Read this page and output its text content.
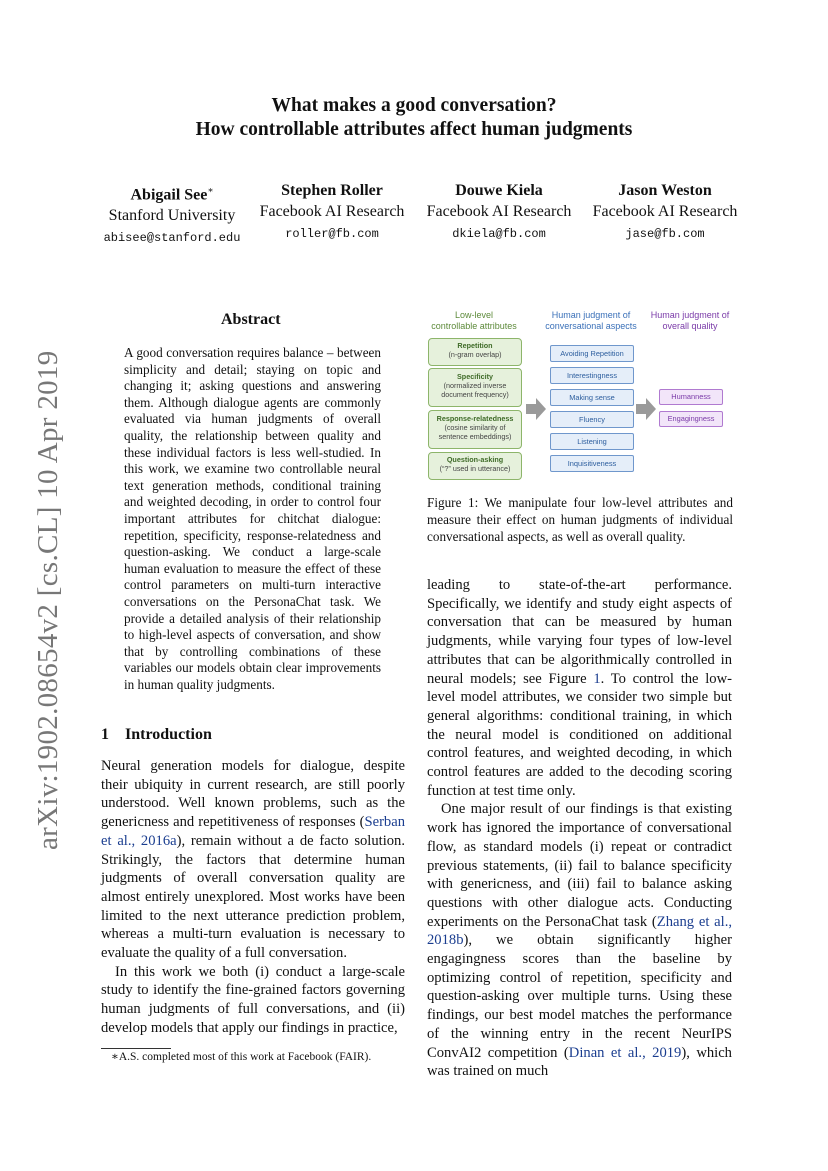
arXiv:1902.08654v2 [cs.CL] 10 Apr 2019
What makes a good conversation?
How controllable attributes affect human judgments
Abigail See∗
Stanford University
abisee@stanford.edu
Stephen Roller
Facebook AI Research
roller@fb.com
Douwe Kiela
Facebook AI Research
dkiela@fb.com
Jason Weston
Facebook AI Research
jase@fb.com
Abstract
A good conversation requires balance – between simplicity and detail; staying on topic and changing it; asking questions and answering them. Although dialogue agents are commonly evaluated via human judgments of overall quality, the relationship between quality and these individual factors is less well-studied. In this work, we examine two controllable neural text generation methods, conditional training and weighted decoding, in order to control four important attributes for chitchat dialogue: repetition, specificity, response-relatedness and question-asking. We conduct a large-scale human evaluation to measure the effect of these control parameters on multi-turn interactive conversations on the PersonaChat task. We provide a detailed analysis of their relationship to high-level aspects of conversation, and show that by controlling combinations of these variables our models obtain clear improvements in human quality judgments.
1 Introduction

Neural generation models for dialogue, despite their ubiquity in current research, are still poorly understood. Well known problems, such as the genericness and repetitiveness of responses (Serban et al., 2016a), remain without a de facto solution. Strikingly, the factors that determine human judgments of overall conversation quality are almost entirely unexplored. Most works have been limited to the next utterance prediction problem, whereas a multi-turn evaluation is necessary to evaluate the quality of a full conversation.

In this work we both (i) conduct a large-scale study to identify the fine-grained factors governing human judgments of full conversations, and (ii) develop models that apply our findings in practice,

∗A.S. completed most of this work at Facebook (FAIR).
Low-level
controllable attributes
Human judgment of
conversational aspects
Human judgment of
overall quality
Repetition
(n-gram overlap)
Specificity
(normalized inverse
document frequency)
Response-relatedness
(cosine similarity of
sentence embeddings)
Question-asking
(“?” used in utterance)
Avoiding Repetition
Interestingness
Making sense
Fluency
Listening
Inquisitiveness
Humanness
Engagingness
Figure 1: We manipulate four low-level attributes and measure their effect on human judgments of individual conversational aspects, as well as overall quality.

leading to state-of-the-art performance. Specifically, we identify and study eight aspects of conversation that can be measured by human judgments, while varying four types of low-level attributes that can be algorithmically controlled in neural models; see Figure 1. To control the low-level model attributes, we consider two simple but general algorithms: conditional training, in which the neural model is conditioned on additional control features, and weighted decoding, in which control features are added to the decoding scoring function at test time only.

One major result of our findings is that existing work has ignored the importance of conversational flow, as standard models (i) repeat or contradict previous statements, (ii) fail to balance specificity with genericness, and (iii) fail to balance asking questions with other dialogue acts. Conducting experiments on the PersonaChat task (Zhang et al., 2018b), we obtain significantly higher engagingness scores than the baseline by optimizing control of repetition, specificity and question-asking over multiple turns. Using these findings, our best model matches the performance of the winning entry in the recent NeurIPS ConvAI2 competition (Dinan et al., 2019), which was trained on much
